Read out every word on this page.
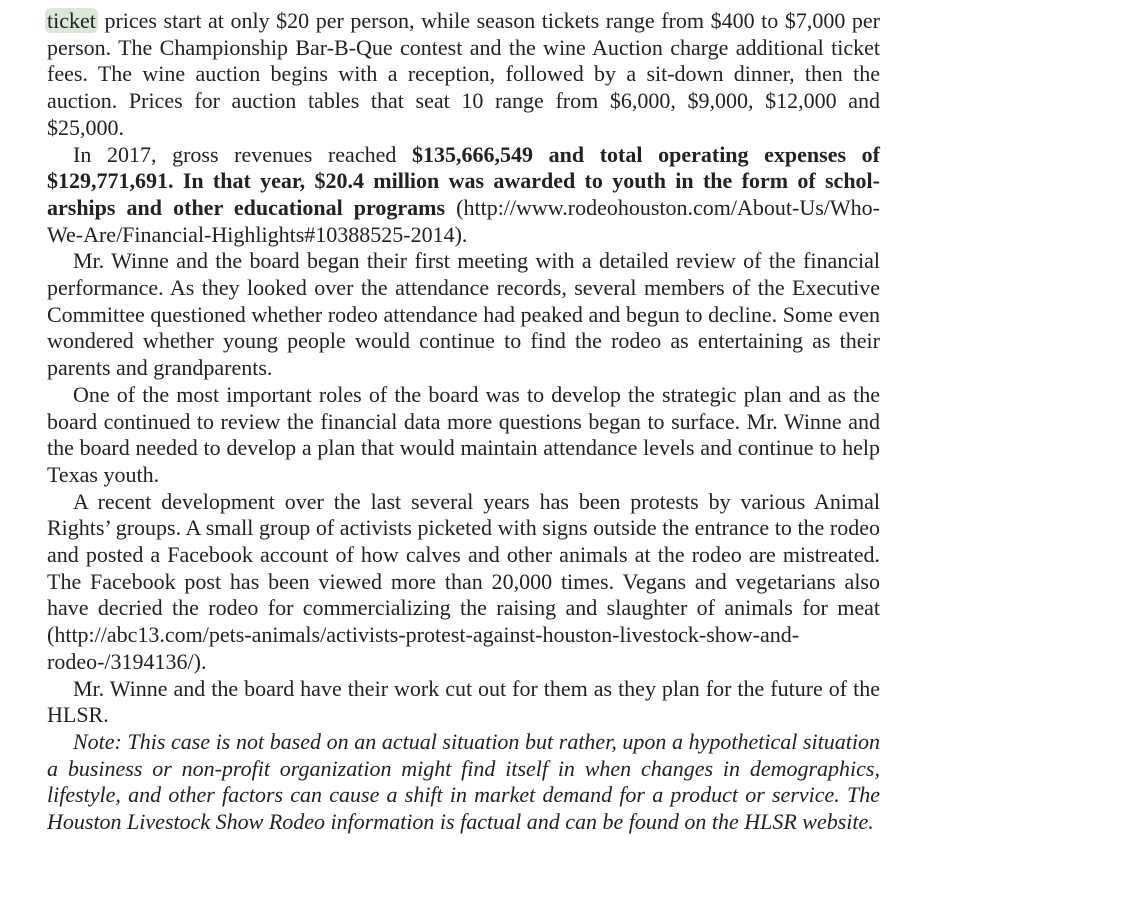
ticket prices start at only $20 per person, while season tickets range from $400 to $7,000 per person. The Championship Bar-B-Que contest and the wine Auction charge additional ticket fees. The wine auction begins with a reception, followed by a sit-down dinner, then the auction. Prices for auction tables that seat 10 range from $6,000, $9,000, $12,000 and $25,000.

In 2017, gross revenues reached $135,666,549 and total operating expenses of $129,771,691. In that year, $20.4 million was awarded to youth in the form of scholarships and other educational programs (http://www.rodeohouston.com/About-Us/​Who-We-Are/Financial-Highlights#10388525-2014).

Mr. Winne and the board began their first meeting with a detailed review of the financial performance. As they looked over the attendance records, several members of the Executive Committee questioned whether rodeo attendance had peaked and begun to decline. Some even wondered whether young people would continue to find the rodeo as entertaining as their parents and grandparents.

One of the most important roles of the board was to develop the strategic plan and as the board continued to review the financial data more questions began to surface. Mr. Winne and the board needed to develop a plan that would maintain attendance levels and continue to help Texas youth.

A recent development over the last several years has been protests by various Animal Rights’ groups. A small group of activists picketed with signs outside the entrance to the rodeo and posted a Facebook account of how calves and other animals at the rodeo are mistreated. The Facebook post has been viewed more than 20,000 times. Vegans and vegetarians also have decried the rodeo for commercializing the raising and slaughter of animals for meat (http://abc13.com/pets-animals/​activists-protest-against-houston-livestock-show-and-rodeo-/3194136/).

Mr. Winne and the board have their work cut out for them as they plan for the future of the HLSR.

Note: This case is not based on an actual situation but rather, upon a hypothetical situation a business or non-profit organization might find itself in when changes in demographics, lifestyle, and other factors can cause a shift in market demand for a product or service. The Houston Livestock Show Rodeo information is factual and can be found on the HLSR website.
